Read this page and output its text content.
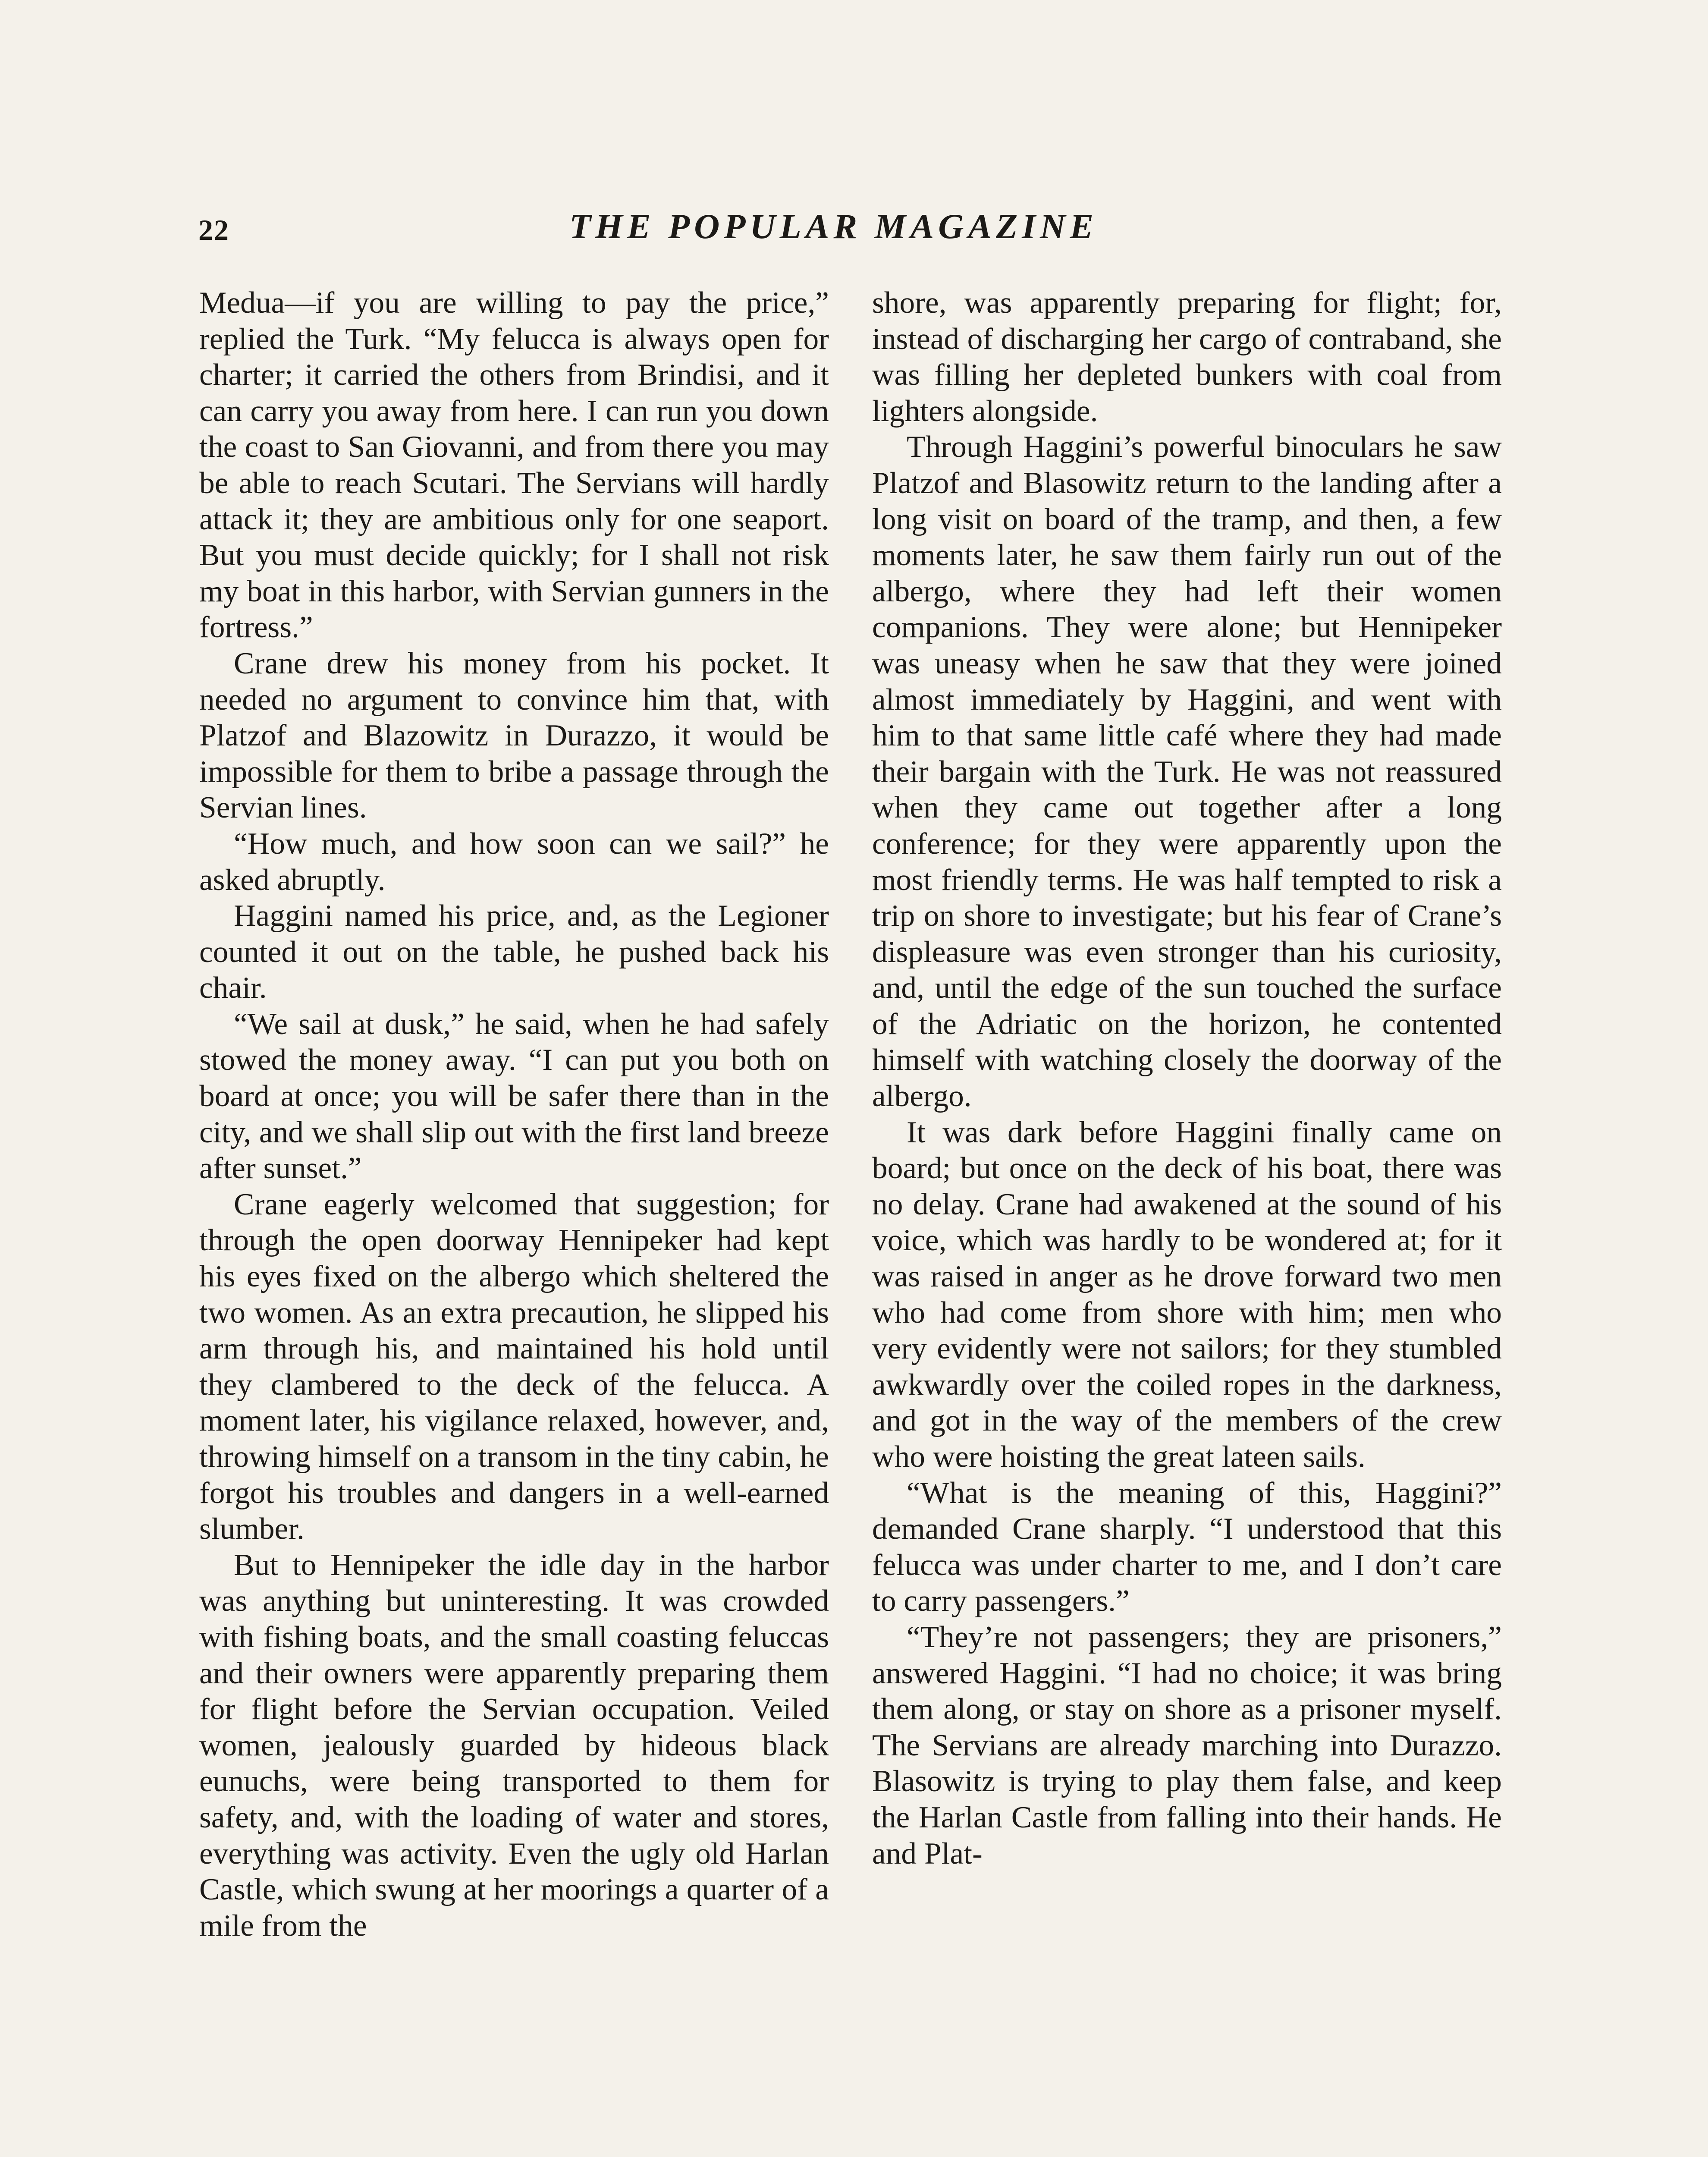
22	THE POPULAR MAGAZINE

Medua—if you are willing to pay the price,” replied the Turk. “My felucca is always open for charter; it carried the others from Brindisi, and it can carry you away from here. I can run you down the coast to San Giovanni, and from there you may be able to reach Scutari. The Servians will hardly attack it; they are ambitious only for one seaport. But you must decide quickly; for I shall not risk my boat in this harbor, with Servian gunners in the fortress.”

Crane drew his money from his pocket. It needed no argument to convince him that, with Platzof and Blazowitz in Durazzo, it would be impossible for them to bribe a passage through the Servian lines.

“How much, and how soon can we sail?” he asked abruptly.

Haggini named his price, and, as the Legioner counted it out on the table, he pushed back his chair.

“We sail at dusk,” he said, when he had safely stowed the money away. “I can put you both on board at once; you will be safer there than in the city, and we shall slip out with the first land breeze after sunset.”

Crane eagerly welcomed that suggestion; for through the open doorway Hennipeker had kept his eyes fixed on the albergo which sheltered the two women. As an extra precaution, he slipped his arm through his, and maintained his hold until they clambered to the deck of the felucca. A moment later, his vigilance relaxed, however, and, throwing himself on a transom in the tiny cabin, he forgot his troubles and dangers in a well-earned slumber.

But to Hennipeker the idle day in the harbor was anything but uninteresting. It was crowded with fishing boats, and the small coasting feluccas and their owners were apparently preparing them for flight before the Servian occupation. Veiled women, jealously guarded by hideous black eunuchs, were being transported to them for safety, and, with the loading of water and stores, everything was activity. Even the ugly old Harlan Castle, which swung at her moorings a quarter of a mile from the

shore, was apparently preparing for flight; for, instead of discharging her cargo of contraband, she was filling her depleted bunkers with coal from lighters alongside.

Through Haggini’s powerful binoculars he saw Platzof and Blasowitz return to the landing after a long visit on board of the tramp, and then, a few moments later, he saw them fairly run out of the albergo, where they had left their women companions. They were alone; but Hennipeker was uneasy when he saw that they were joined almost immediately by Haggini, and went with him to that same little café where they had made their bargain with the Turk. He was not reassured when they came out together after a long conference; for they were apparently upon the most friendly terms. He was half tempted to risk a trip on shore to investigate; but his fear of Crane’s displeasure was even stronger than his curiosity, and, until the edge of the sun touched the surface of the Adriatic on the horizon, he contented himself with watching closely the doorway of the albergo.

It was dark before Haggini finally came on board; but once on the deck of his boat, there was no delay. Crane had awakened at the sound of his voice, which was hardly to be wondered at; for it was raised in anger as he drove forward two men who had come from shore with him; men who very evidently were not sailors; for they stumbled awkwardly over the coiled ropes in the darkness, and got in the way of the members of the crew who were hoisting the great lateen sails.

“What is the meaning of this, Haggini?” demanded Crane sharply. “I understood that this felucca was under charter to me, and I don’t care to carry passengers.”

“They’re not passengers; they are prisoners,” answered Haggini. “I had no choice; it was bring them along, or stay on shore as a prisoner myself. The Servians are already marching into Durazzo. Blasowitz is trying to play them false, and keep the Harlan Castle from falling into their hands. He and Plat-
